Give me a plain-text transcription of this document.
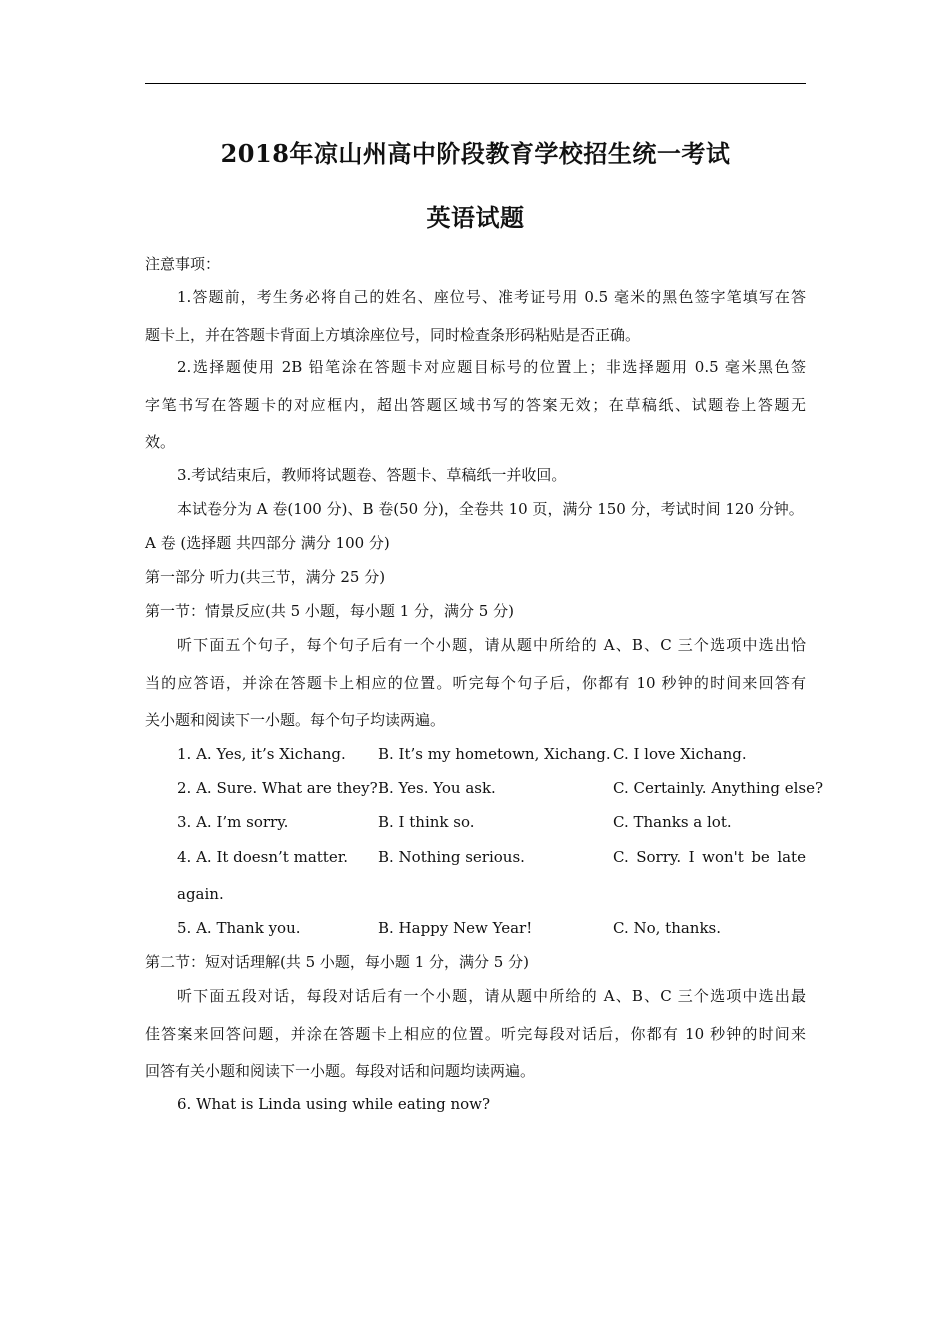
2018年凉山州高中阶段教育学校招生统一考试
英语试题
注意事项：
1.答题前，考生务必将自己的姓名、座位号、准考证号用 0.5 毫米的黑色签字笔填写在答
题卡上，并在答题卡背面上方填涂座位号，同时检查条形码粘贴是否正确。
2.选择题使用 2B 铅笔涂在答题卡对应题目标号的位置上；非选择题用 0.5 毫米黑色签
字笔书写在答题卡的对应框内，超出答题区域书写的答案无效；在草稿纸、试题卷上答题无
效。
3.考试结束后，教师将试题卷、答题卡、草稿纸一并收回。
本试卷分为 A 卷(100 分)、B 卷(50 分)，全卷共 10 页，满分 150 分，考试时间 120 分钟。
A 卷 (选择题 共四部分 满分 100 分)
第一部分 听力(共三节，满分 25 分)
第一节：情景反应(共 5 小题，每小题 1 分，满分 5 分)
听下面五个句子，每个句子后有一个小题，请从题中所给的 A、B、C 三个选项中选出恰
当的应答语，并涂在答题卡上相应的位置。听完每个句子后，你都有 10 秒钟的时间来回答有
关小题和阅读下一小题。每个句子均读两遍。
1. A. Yes, it’s Xichang. B. It’s my hometown, Xichang. C. I love Xichang.
2. A. Sure. What are they? B. Yes. You ask.	C. Certainly. Anything else?
3. A. I’m sorry.	B. I think so.	C. Thanks a lot.
4. A. It doesn’t matter. B. Nothing serious.	C. Sorry. I won't be late
again.
5. A. Thank you.	B. Happy New Year!	C. No, thanks.
第二节：短对话理解(共 5 小题，每小题 1 分，满分 5 分)
听下面五段对话，每段对话后有一个小题，请从题中所给的 A、B、C 三个选项中选出最
佳答案来回答问题，并涂在答题卡上相应的位置。听完每段对话后，你都有 10 秒钟的时间来
回答有关小题和阅读下一小题。每段对话和问题均读两遍。
6. What is Linda using while eating now?
